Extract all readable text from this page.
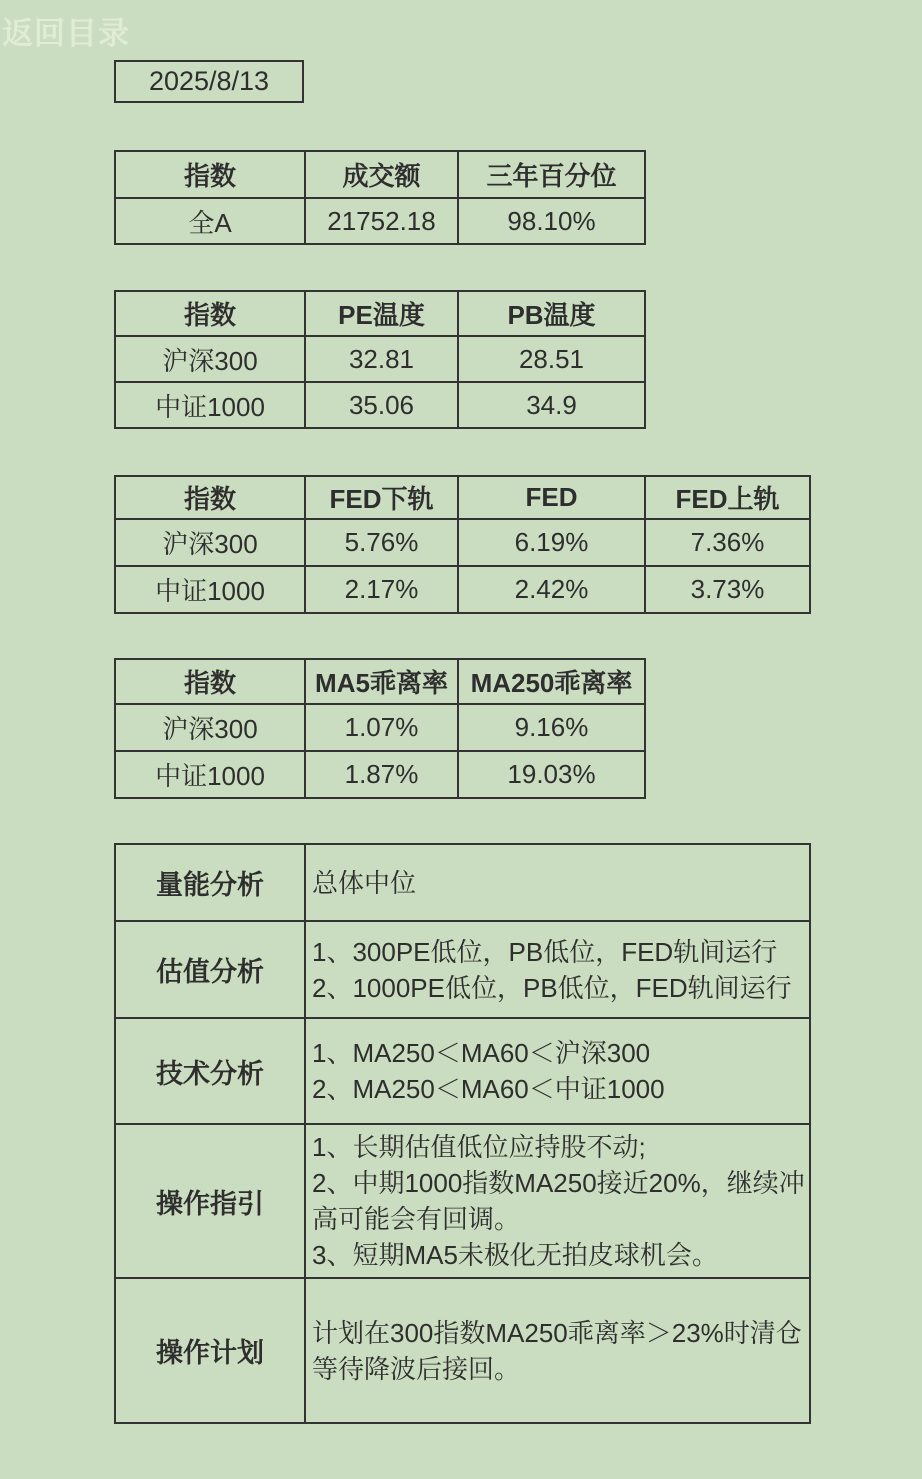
返回目录
2025/8/13
指数	成交额	三年百分位
全A	21752.18	98.10%
指数	PE温度	PB温度
沪深300	32.81	28.51
中证1000	35.06	34.9
指数	FED下轨	FED	FED上轨
沪深300	5.76%	6.19%	7.36%
中证1000	2.17%	2.42%	3.73%
指数	MA5乖离率	MA250乖离率
沪深300	1.07%	9.16%
中证1000	1.87%	19.03%
量能分析	总体中位

估值分析	1、300PE低位，PB低位，FED轨间运行
2、1000PE低位，PB低位，FED轨间运行

技术分析	1、MA250＜MA60＜沪深300
2、MA250＜MA60＜中证1000

操作指引	1、长期估值低位应持股不动;
2、中期1000指数MA250接近20%，继续冲高可能会有回调。
3、短期MA5未极化无拍皮球机会。

操作计划	计划在300指数MA250乖离率＞23%时清仓等待降波后接回。
